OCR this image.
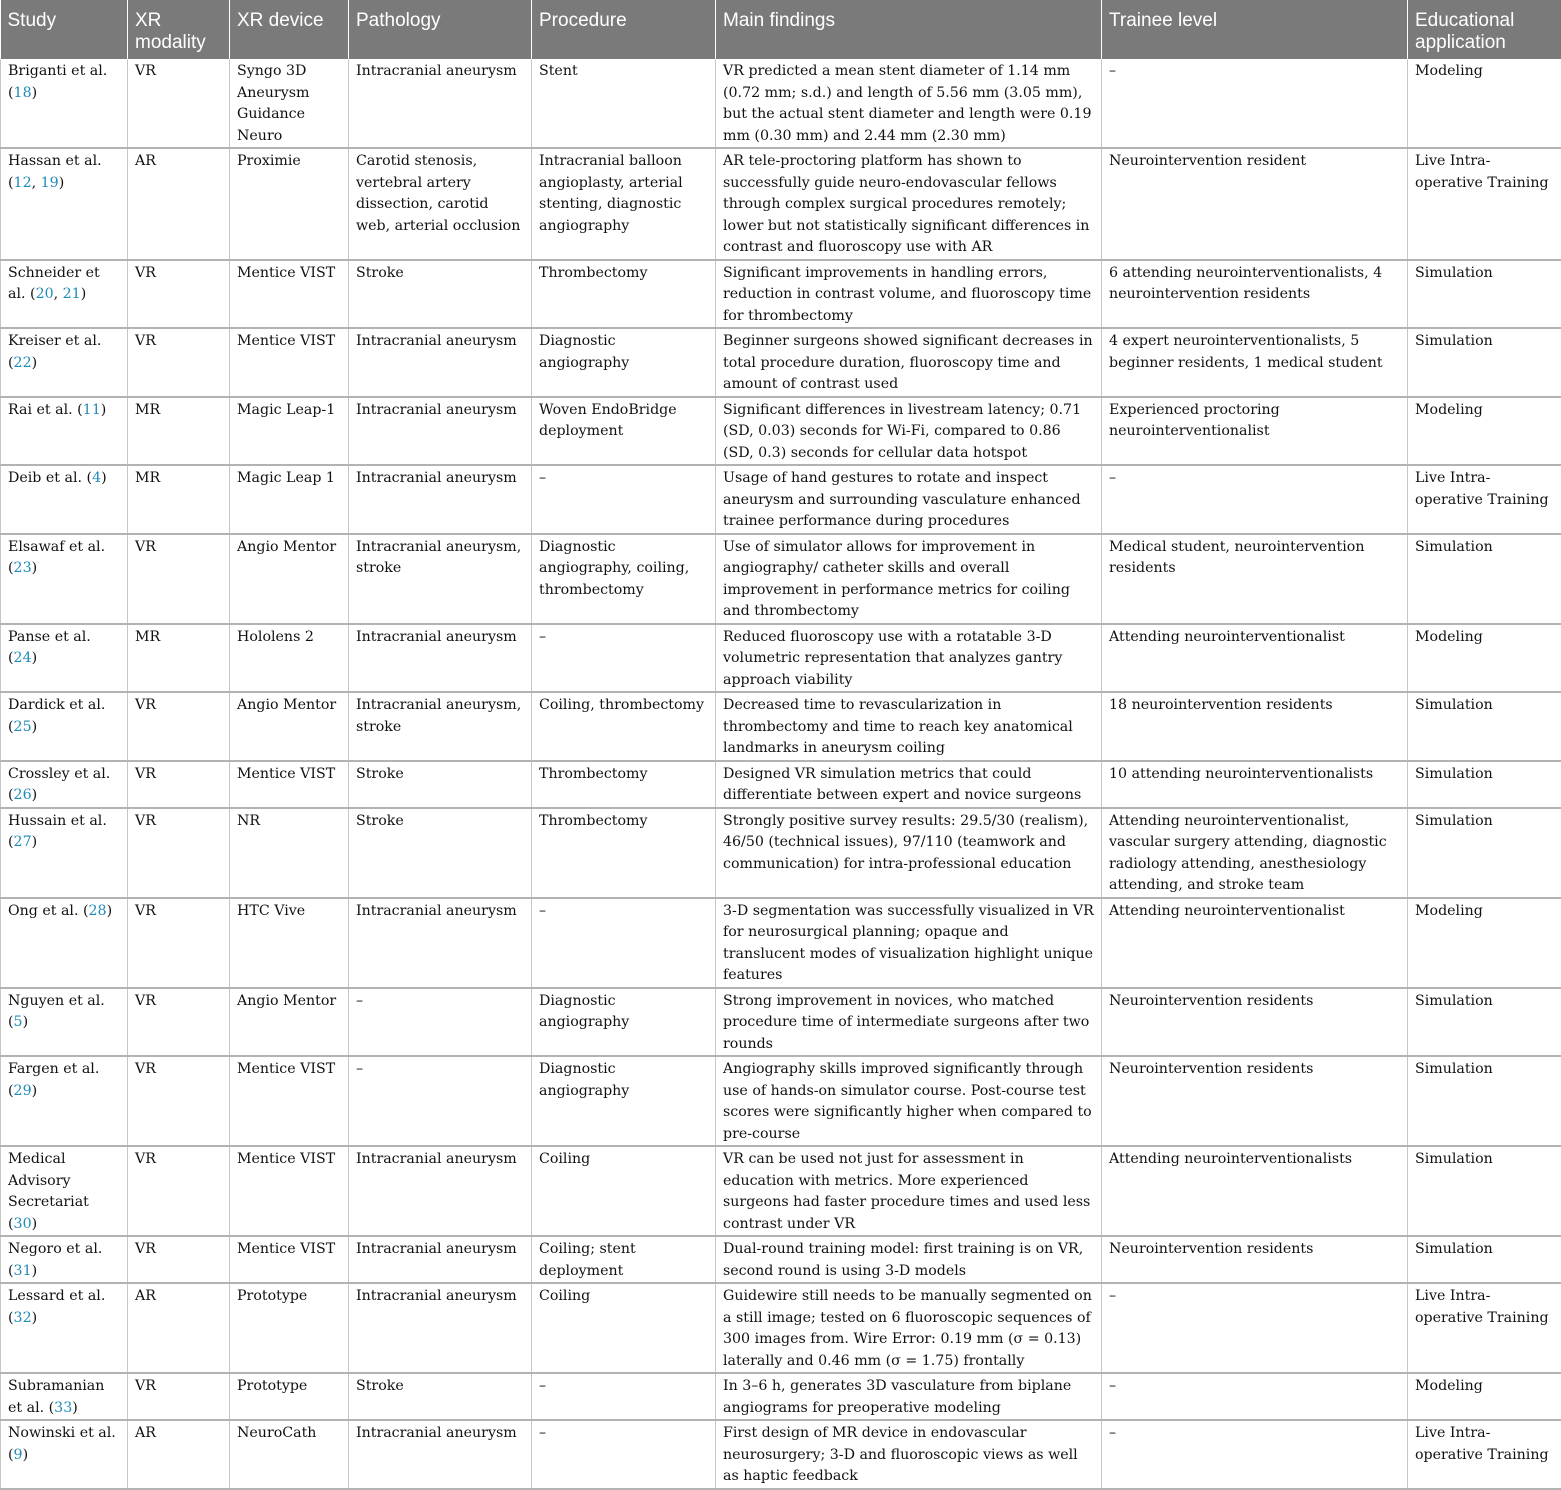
Study	XR modality	XR device	Pathology	Procedure	Main findings	Trainee level	Educational application
Briganti et al. (18)	VR	Syngo 3D Aneurysm Guidance Neuro	Intracranial aneurysm	Stent	VR predicted a mean stent diameter of 1.14 mm (0.72 mm; s.d.) and length of 5.56 mm (3.05 mm), but the actual stent diameter and length were 0.19 mm (0.30 mm) and 2.44 mm (2.30 mm)	–	Modeling
Hassan et al. (12, 19)	AR	Proximie	Carotid stenosis, vertebral artery dissection, carotid web, arterial occlusion	Intracranial balloon angioplasty, arterial stenting, diagnostic angiography	AR tele-proctoring platform has shown to successfully guide neuro-endovascular fellows through complex surgical procedures remotely; lower but not statistically significant differences in contrast and fluoroscopy use with AR	Neurointervention resident	Live Intra-operative Training
Schneider et al. (20, 21)	VR	Mentice VIST	Stroke	Thrombectomy	Significant improvements in handling errors, reduction in contrast volume, and fluoroscopy time for thrombectomy	6 attending neurointerventionalists, 4 neurointervention residents	Simulation
Kreiser et al. (22)	VR	Mentice VIST	Intracranial aneurysm	Diagnostic angiography	Beginner surgeons showed significant decreases in total procedure duration, fluoroscopy time and amount of contrast used	4 expert neurointerventionalists, 5 beginner residents, 1 medical student	Simulation
Rai et al. (11)	MR	Magic Leap-1	Intracranial aneurysm	Woven EndoBridge deployment	Significant differences in livestream latency; 0.71 (SD, 0.03) seconds for Wi-Fi, compared to 0.86 (SD, 0.3) seconds for cellular data hotspot	Experienced proctoring neurointerventionalist	Modeling
Deib et al. (4)	MR	Magic Leap 1	Intracranial aneurysm	–	Usage of hand gestures to rotate and inspect aneurysm and surrounding vasculature enhanced trainee performance during procedures	–	Live Intra-operative Training
Elsawaf et al. (23)	VR	Angio Mentor	Intracranial aneurysm, stroke	Diagnostic angiography, coiling, thrombectomy	Use of simulator allows for improvement in angiography/ catheter skills and overall improvement in performance metrics for coiling and thrombectomy	Medical student, neurointervention residents	Simulation
Panse et al. (24)	MR	Hololens 2	Intracranial aneurysm	–	Reduced fluoroscopy use with a rotatable 3-D volumetric representation that analyzes gantry approach viability	Attending neurointerventionalist	Modeling
Dardick et al. (25)	VR	Angio Mentor	Intracranial aneurysm, stroke	Coiling, thrombectomy	Decreased time to revascularization in thrombectomy and time to reach key anatomical landmarks in aneurysm coiling	18 neurointervention residents	Simulation
Crossley et al. (26)	VR	Mentice VIST	Stroke	Thrombectomy	Designed VR simulation metrics that could differentiate between expert and novice surgeons	10 attending neurointerventionalists	Simulation
Hussain et al. (27)	VR	NR	Stroke	Thrombectomy	Strongly positive survey results: 29.5/30 (realism), 46/50 (technical issues), 97/110 (teamwork and communication) for intra-professional education	Attending neurointerventionalist, vascular surgery attending, diagnostic radiology attending, anesthesiology attending, and stroke team	Simulation
Ong et al. (28)	VR	HTC Vive	Intracranial aneurysm	–	3-D segmentation was successfully visualized in VR for neurosurgical planning; opaque and translucent modes of visualization highlight unique features	Attending neurointerventionalist	Modeling
Nguyen et al. (5)	VR	Angio Mentor	–	Diagnostic angiography	Strong improvement in novices, who matched procedure time of intermediate surgeons after two rounds	Neurointervention residents	Simulation
Fargen et al. (29)	VR	Mentice VIST	–	Diagnostic angiography	Angiography skills improved significantly through use of hands-on simulator course. Post-course test scores were significantly higher when compared to pre-course	Neurointervention residents	Simulation
Medical Advisory Secretariat (30)	VR	Mentice VIST	Intracranial aneurysm	Coiling	VR can be used not just for assessment in education with metrics. More experienced surgeons had faster procedure times and used less contrast under VR	Attending neurointerventionalists	Simulation
Negoro et al. (31)	VR	Mentice VIST	Intracranial aneurysm	Coiling; stent deployment	Dual-round training model: first training is on VR, second round is using 3-D models	Neurointervention residents	Simulation
Lessard et al. (32)	AR	Prototype	Intracranial aneurysm	Coiling	Guidewire still needs to be manually segmented on a still image; tested on 6 fluoroscopic sequences of 300 images from. Wire Error: 0.19 mm (σ = 0.13) laterally and 0.46 mm (σ = 1.75) frontally	–	Live Intra-operative Training
Subramanian et al. (33)	VR	Prototype	Stroke	–	In 3–6 h, generates 3D vasculature from biplane angiograms for preoperative modeling	–	Modeling
Nowinski et al. (9)	AR	NeuroCath	Intracranial aneurysm	–	First design of MR device in endovascular neurosurgery; 3-D and fluoroscopic views as well as haptic feedback	–	Live Intra-operative Training
